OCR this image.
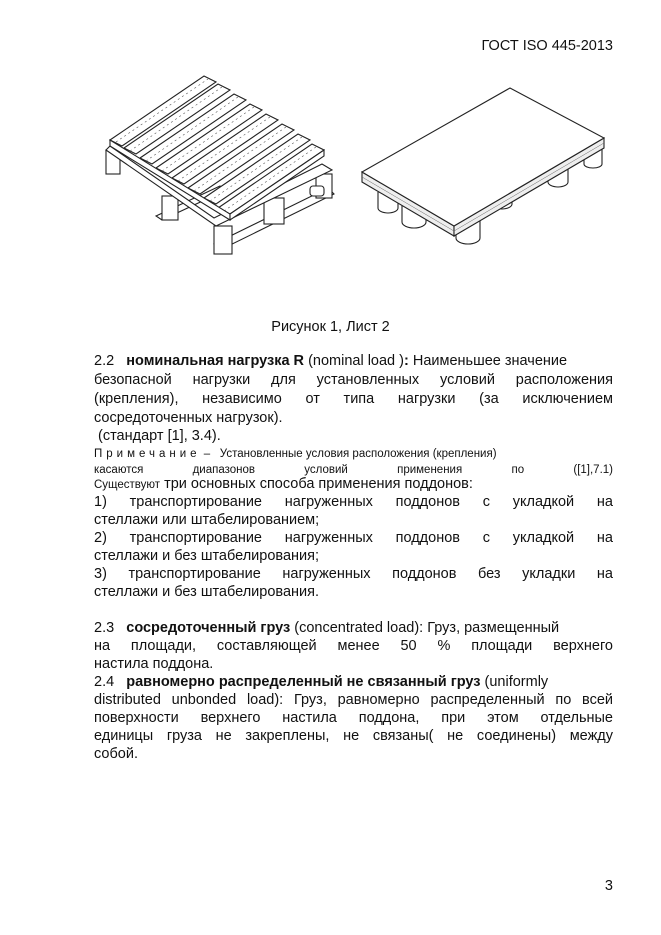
ГОСТ ISO 445-2013
Рисунок 1, Лист 2
2.2 номинальная нагрузка R (nominal load ): Наименьшее значение
безопасной нагрузки для установленных условий расположения
(крепления), независимо от типа нагрузки (за исключением
сосредоточенных нагрузок).
(стандарт [1], 3.4).
Примечание – Установленные условия расположения (крепления)
касаются диапазонов условий применения по ([1],7.1)
Существуют три основных способа применения поддонов:
1) транспортирование нагруженных поддонов с укладкой на
стеллажи или штабелированием;
2) транспортирование нагруженных поддонов с укладкой на
стеллажи и без штабелирования;
3) транспортирование нагруженных поддонов без укладки на
стеллажи и без штабелирования.
2.3 сосредоточенный груз (concentrated load): Груз, размещенный
на площади, составляющей менее 50 % площади верхнего
настила поддона.
2.4 равномерно распределенный не связанный груз (uniformly
distributed unbonded load): Груз, равномерно распределенный по всей
поверхности верхнего настила поддона, при этом отдельные
единицы груза не закреплены, не связаны( не соединены) между
собой.
3
